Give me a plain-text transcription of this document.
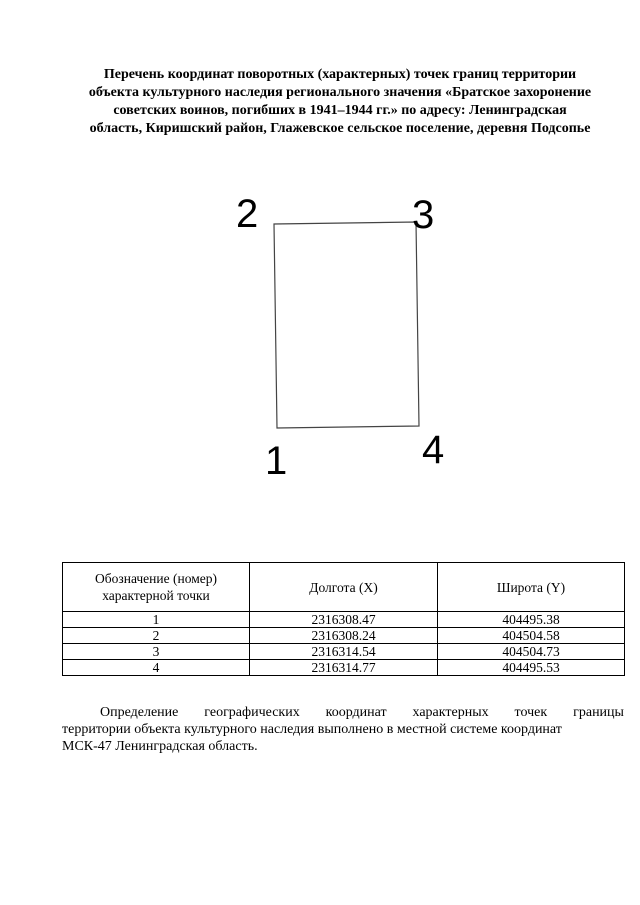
Перечень координат поворотных (характерных) точек границ территории
объекта культурного наследия регионального значения «Братское захоронение
советских воинов, погибших в 1941–1944 гг.» по адресу: Ленинградская
область, Киришский район, Глажевское сельское поселение, деревня Подсопье
1
2	3
4
Обозначение (номер) характерной точки	Долгота (X)	Широта (Y)
1	2316308.47	404495.38
2	2316308.24	404504.58
3	2316314.54	404504.73
4	2316314.77	404495.53
Определение географических координат характерных точек границы
территории объекта культурного наследия выполнено в местной системе координат
МСК-47 Ленинградская область.
